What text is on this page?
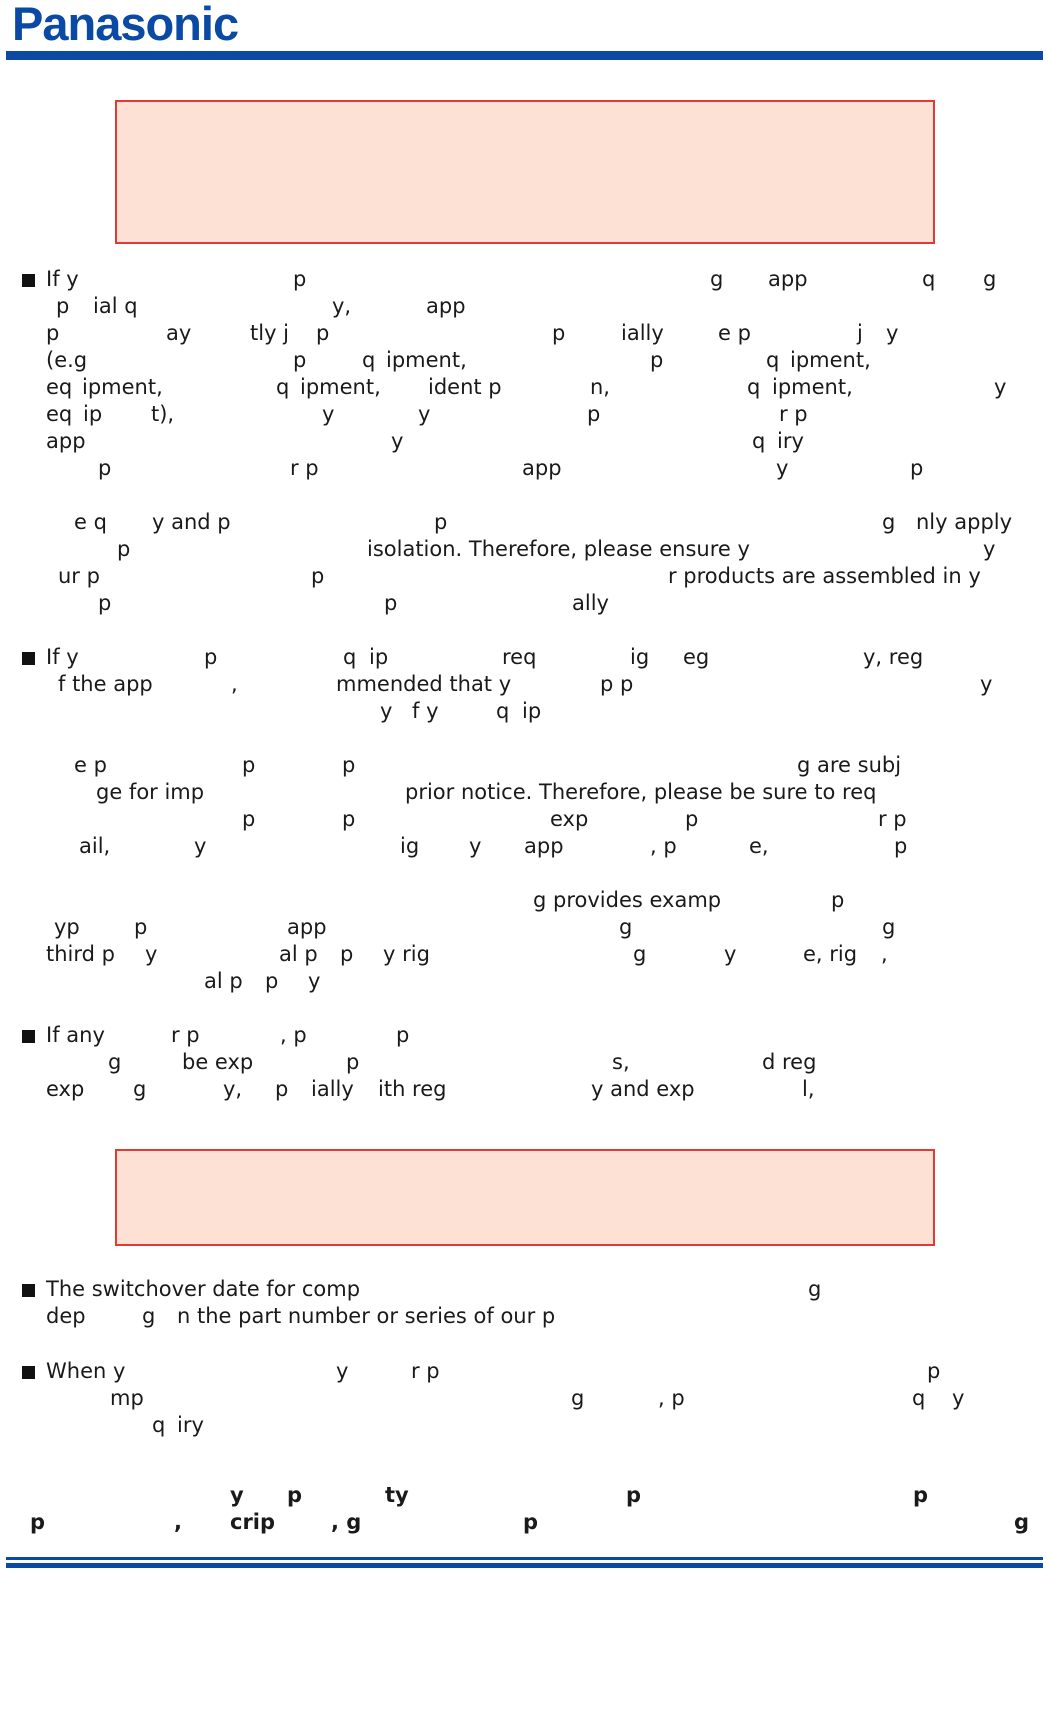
Panasonic

If y

	p

	g

app

	q

g

p

ial q

	y,

	app

p

	ay

	tly j

p

	p

	ially

	e p

	j

y

(e.g

	p

	q

ipment,

	p

	q

ipment,

eq

ipment,

	q

ipment,

ident p

	n,

	q

ipment,

	y

eq

ip

t),

	y

	y

	p

	r p

app

	y

	q

iry

p

	r p

	app

	y

	p

e q

y and p

	p

	g

nly apply

p

	isolation. Therefore, please ensure y

	y

ur p

	p

	r products are assembled in y

p

	p

	ally

If y

	p

	q

ip

	req

	ig

eg

	y, reg

f the app

	,

	mmended that y

	p p

	y

y

f y

	q

ip

e p

	p

	p

	g are subj

ge for imp

	prior notice. Therefore, please be sure to req

p

	p

	exp

	p

	r p

ail,

	y

	ig

y

app

	, p

	e,

	p

g provides examp

	p

yp

	p

	app

	g

	g

third p

y

	al p

p

y rig

	g

	y

	e, rig

,

al p

p

y

If any

	r p

	, p

	p

g

	be exp

	p

	s,

	d reg

exp

g

	y,

p

ially

ith reg

	y and exp

	l,

The switchover date for comp

	g

dep

	g

n the part number or series of our p

When y

	y

	r p

	p

mp

	g

	, p

	q

y

q

iry

y

p

	ty

	p

	p

p

	,

crip

	, g

	p

	g
